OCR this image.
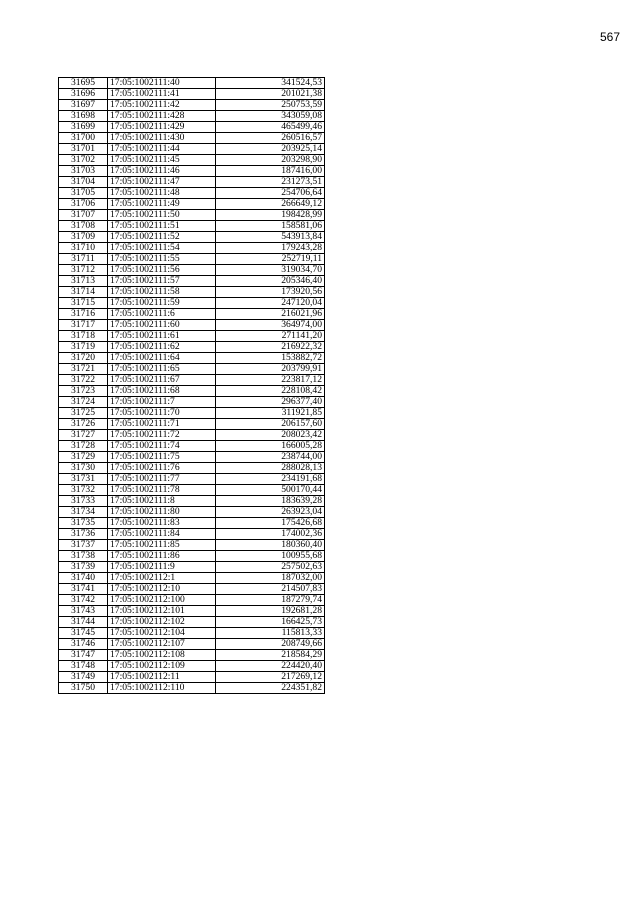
567
31695	17:05:1002111:40	341524,53
31696	17:05:1002111:41	201021,38
31697	17:05:1002111:42	250753,59
31698	17:05:1002111:428	343059,08
31699	17:05:1002111:429	465499,46
31700	17:05:1002111:430	260516,57
31701	17:05:1002111:44	203925,14
31702	17:05:1002111:45	203298,90
31703	17:05:1002111:46	187416,00
31704	17:05:1002111:47	231273,51
31705	17:05:1002111:48	254706,64
31706	17:05:1002111:49	266649,12
31707	17:05:1002111:50	198428,99
31708	17:05:1002111:51	158581,06
31709	17:05:1002111:52	543913,84
31710	17:05:1002111:54	179243,28
31711	17:05:1002111:55	252719,11
31712	17:05:1002111:56	319034,70
31713	17:05:1002111:57	205346,40
31714	17:05:1002111:58	173920,56
31715	17:05:1002111:59	247120,04
31716	17:05:1002111:6	216021,96
31717	17:05:1002111:60	364974,00
31718	17:05:1002111:61	271141,20
31719	17:05:1002111:62	216922,32
31720	17:05:1002111:64	153882,72
31721	17:05:1002111:65	203799,91
31722	17:05:1002111:67	223817,12
31723	17:05:1002111:68	228108,42
31724	17:05:1002111:7	296377,40
31725	17:05:1002111:70	311921,85
31726	17:05:1002111:71	206157,60
31727	17:05:1002111:72	208023,42
31728	17:05:1002111:74	166005,28
31729	17:05:1002111:75	238744,00
31730	17:05:1002111:76	288028,13
31731	17:05:1002111:77	234191,68
31732	17:05:1002111:78	500170,44
31733	17:05:1002111:8	183639,28
31734	17:05:1002111:80	263923,04
31735	17:05:1002111:83	175426,68
31736	17:05:1002111:84	174002,36
31737	17:05:1002111:85	180360,40
31738	17:05:1002111:86	100955,68
31739	17:05:1002111:9	257502,63
31740	17:05:1002112:1	187032,00
31741	17:05:1002112:10	214507,83
31742	17:05:1002112:100	187279,74
31743	17:05:1002112:101	192681,28
31744	17:05:1002112:102	166425,73
31745	17:05:1002112:104	115813,33
31746	17:05:1002112:107	208749,66
31747	17:05:1002112:108	218584,29
31748	17:05:1002112:109	224420,40
31749	17:05:1002112:11	217269,12
31750	17:05:1002112:110	224351,82
